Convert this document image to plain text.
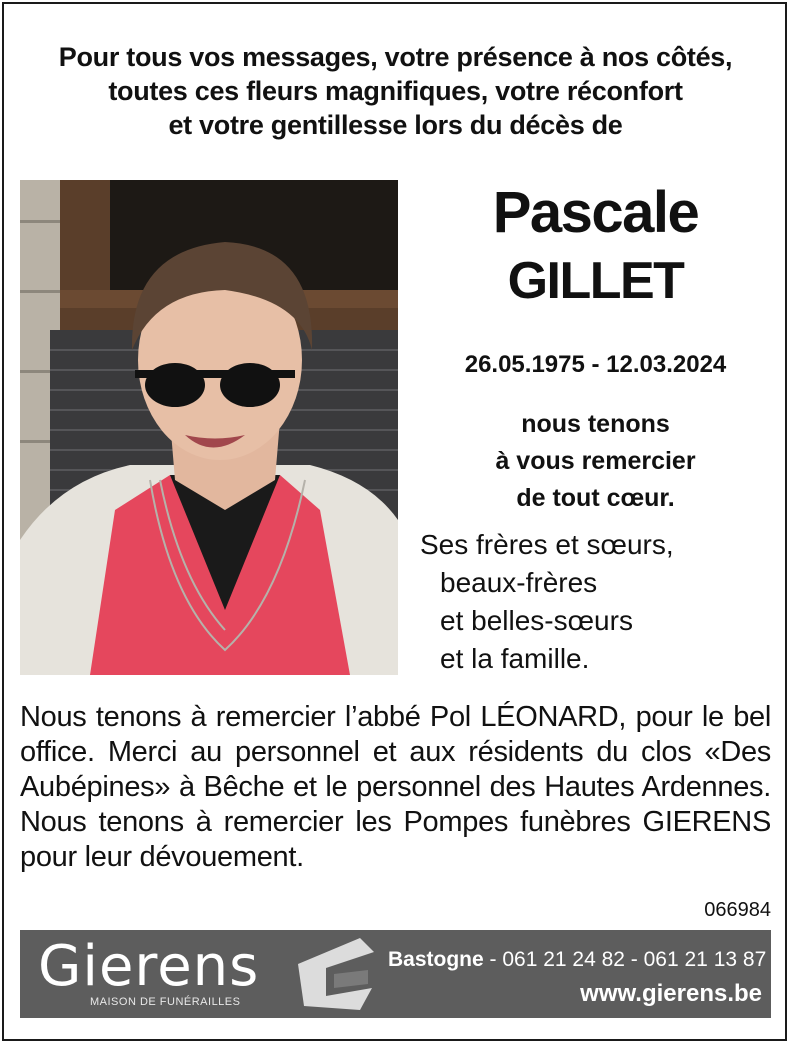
Pour tous vos messages, votre présence à nos côtés,
toutes ces fleurs magnifiques, votre réconfort
et votre gentillesse lors du décès de
Pascale
GILLET
26.05.1975 - 12.03.2024
nous tenons
à vous remercier
de tout cœur.
Ses frères et sœurs,
beaux-frères
et belles-sœurs
et la famille.
Nous tenons à remercier l’abbé Pol LÉONARD, pour le bel office. Merci au personnel et aux résidents du clos «Des Aubépines» à Bêche et le personnel des Hautes Ardennes. Nous tenons à remercier les Pompes funèbres GIERENS pour leur dévouement.
066984
Gierens
MAISON DE FUNÉRAILLES
Bastogne - 061 21 24 82 - 061 21 13 87
www.gierens.be
